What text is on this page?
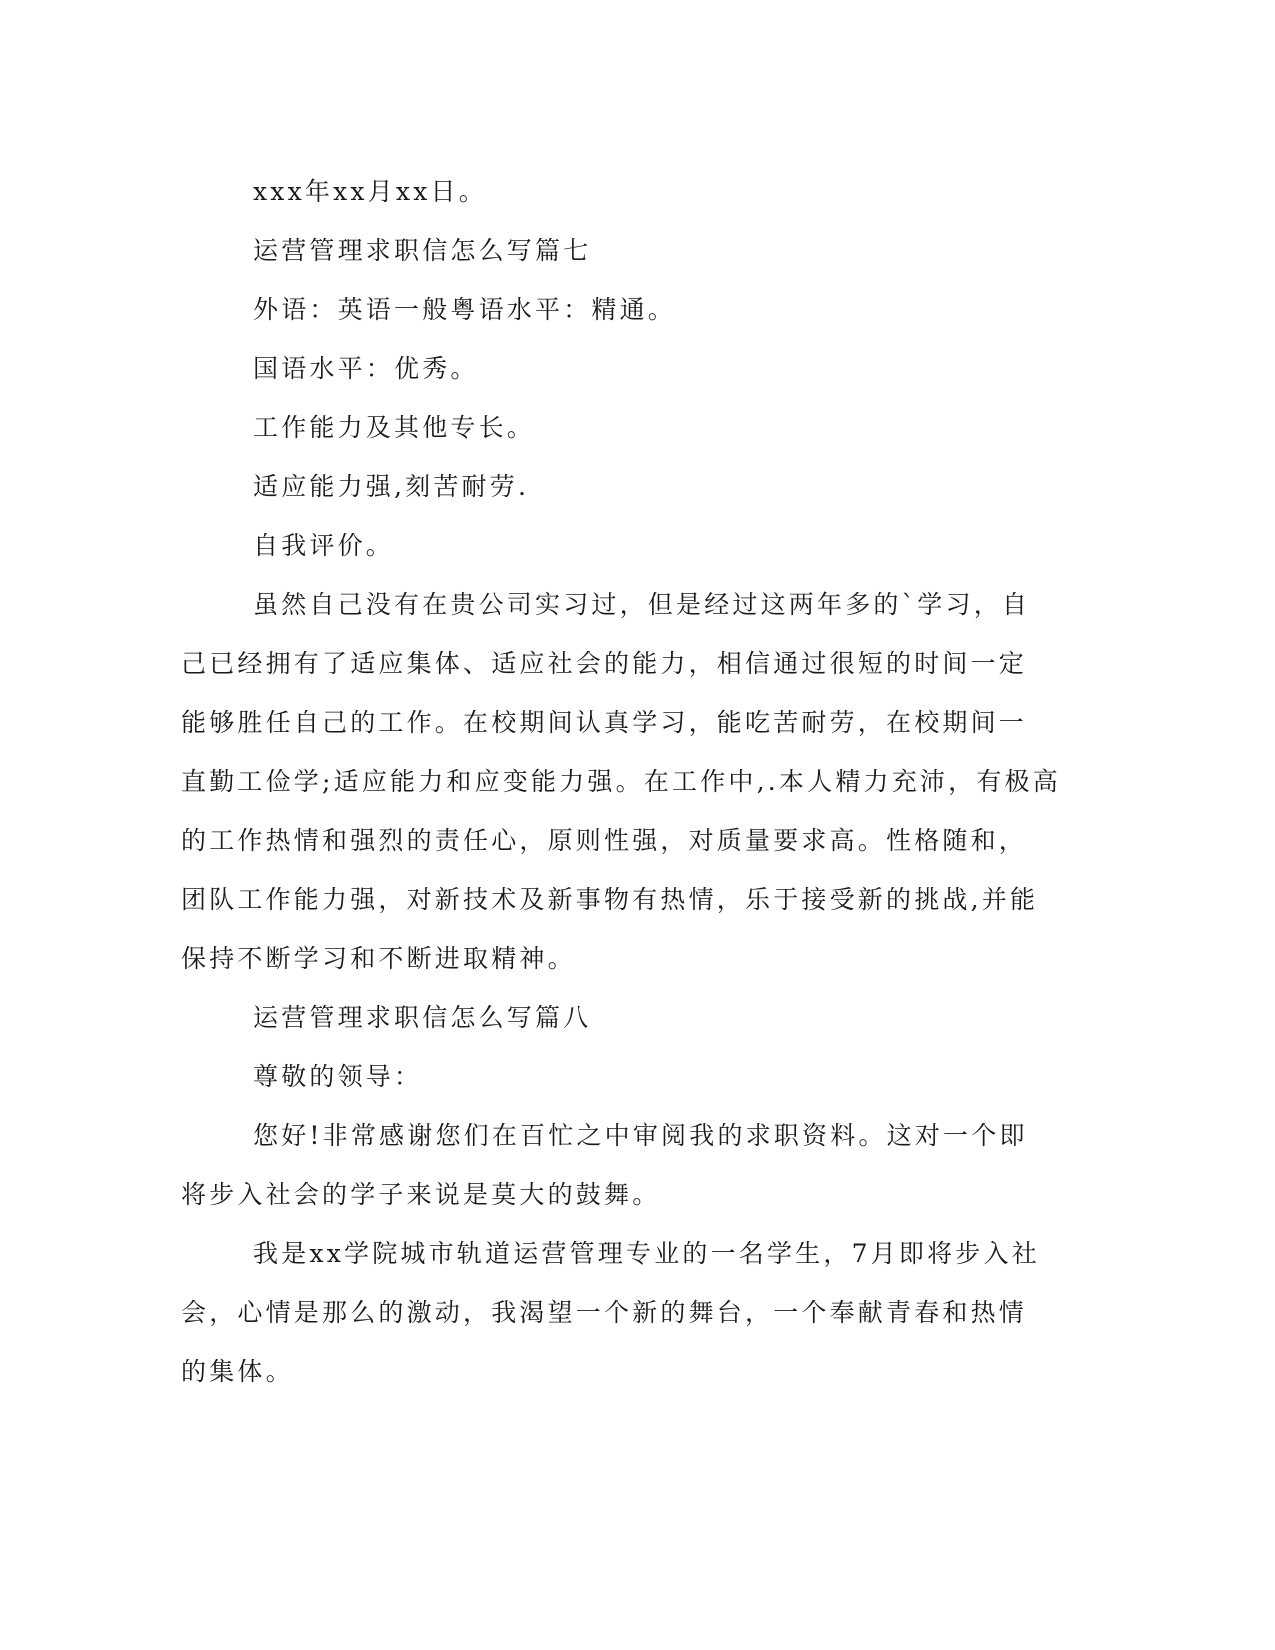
xxx年xx月xx日。

运营管理求职信怎么写篇七

外语：英语一般粤语水平：精通。

国语水平：优秀。

工作能力及其他专长。

适应能力强,刻苦耐劳.

自我评价。

虽然自己没有在贵公司实习过，但是经过这两年多的`学习，自
己已经拥有了适应集体、适应社会的能力，相信通过很短的时间一定
能够胜任自己的工作。在校期间认真学习，能吃苦耐劳，在校期间一
直勤工俭学;适应能力和应变能力强。在工作中,.本人精力充沛，有极高
的工作热情和强烈的责任心，原则性强，对质量要求高。性格随和，
团队工作能力强，对新技术及新事物有热情，乐于接受新的挑战,并能
保持不断学习和不断进取精神。

运营管理求职信怎么写篇八

尊敬的领导：

您好!非常感谢您们在百忙之中审阅我的求职资料。这对一个即
将步入社会的学子来说是莫大的鼓舞。
我是xx学院城市轨道运营管理专业的一名学生，7月即将步入社
会，心情是那么的激动，我渴望一个新的舞台，一个奉献青春和热情
的集体。
